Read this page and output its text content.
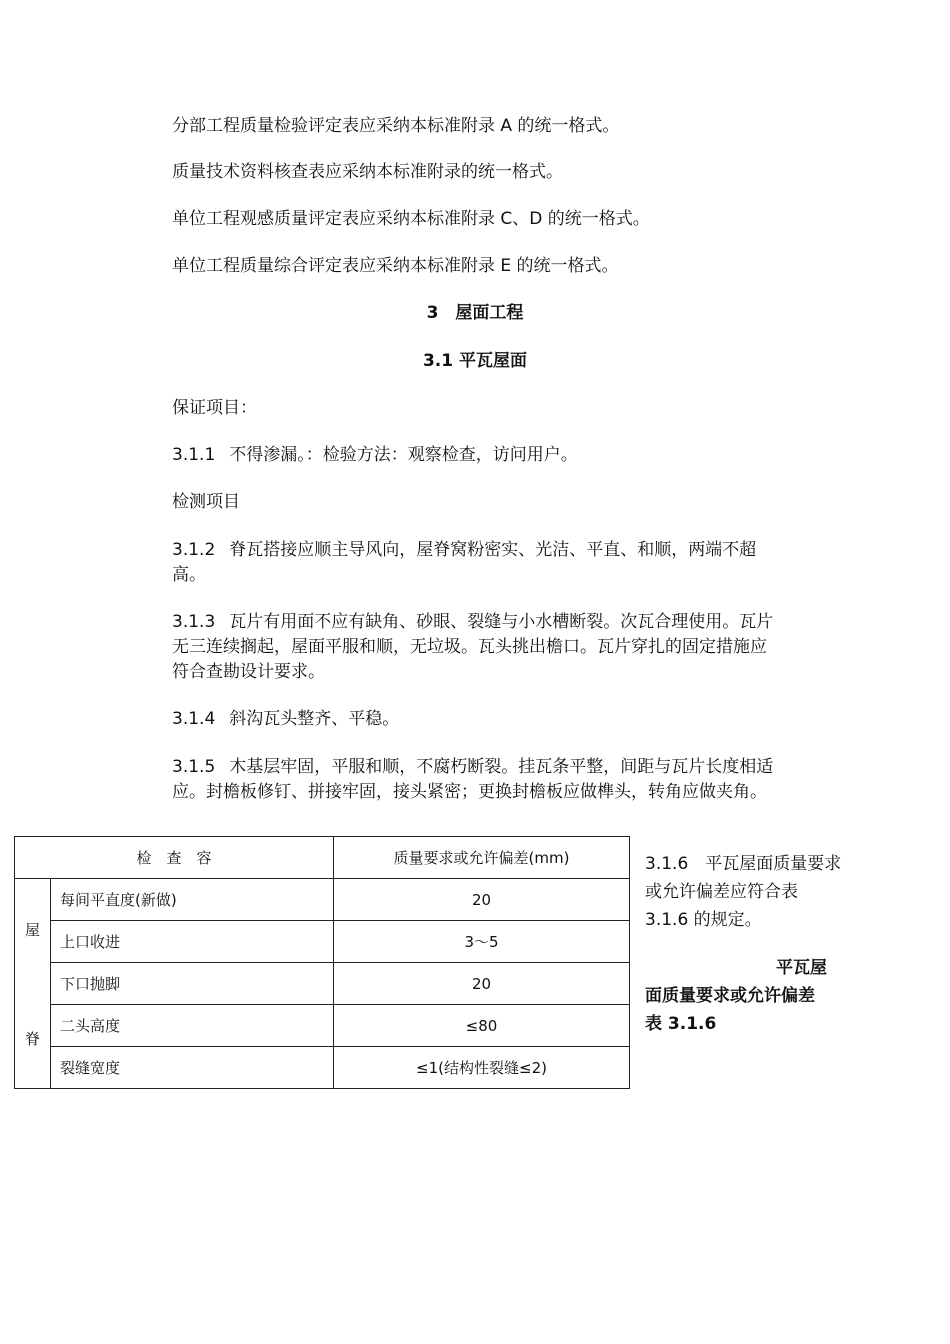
分部工程质量检验评定表应采纳本标准附录 A 的统一格式。

质量技术资料核查表应采纳本标准附录的统一格式。

单位工程观感质量评定表应采纳本标准附录 C、D 的统一格式。

单位工程质量综合评定表应采纳本标准附录 E 的统一格式。

3　屋面工程

3.1 平瓦屋面

保证项目：

3.1.1 不得渗漏。：检验方法：观察检查，访问用户。

检测项目

3.1.2 脊瓦搭接应顺主导风向，屋脊窝粉密实、光洁、平直、和顺，两端不超高。

3.1.3 瓦片有用面不应有缺角、砂眼、裂缝与小水槽断裂。次瓦合理使用。瓦片无三连续搁起，屋面平服和顺，无垃圾。瓦头挑出檐口。瓦片穿扎的固定措施应符合查勘设计要求。

3.1.4 斜沟瓦头整齐、平稳。

3.1.5 木基层牢固，平服和顺，不腐朽断裂。挂瓦条平整，间距与瓦片长度相适应。封檐板修钉、拼接牢固，接头紧密；更换封檐板应做榫头，转角应做夹角。

检　查　容		质量要求或允许偏差(mm)

屋
脊	每间平直度(新做)	20
	上口收进	3～5
	下口抛脚	20
	二头高度	≤80
	裂缝宽度	≤1(结构性裂缝≤2)

3.1.6　平瓦屋面质量要求或允许偏差应符合表 3.1.6 的规定。

平瓦屋
面质量要求或允许偏差　表 3.1.6
